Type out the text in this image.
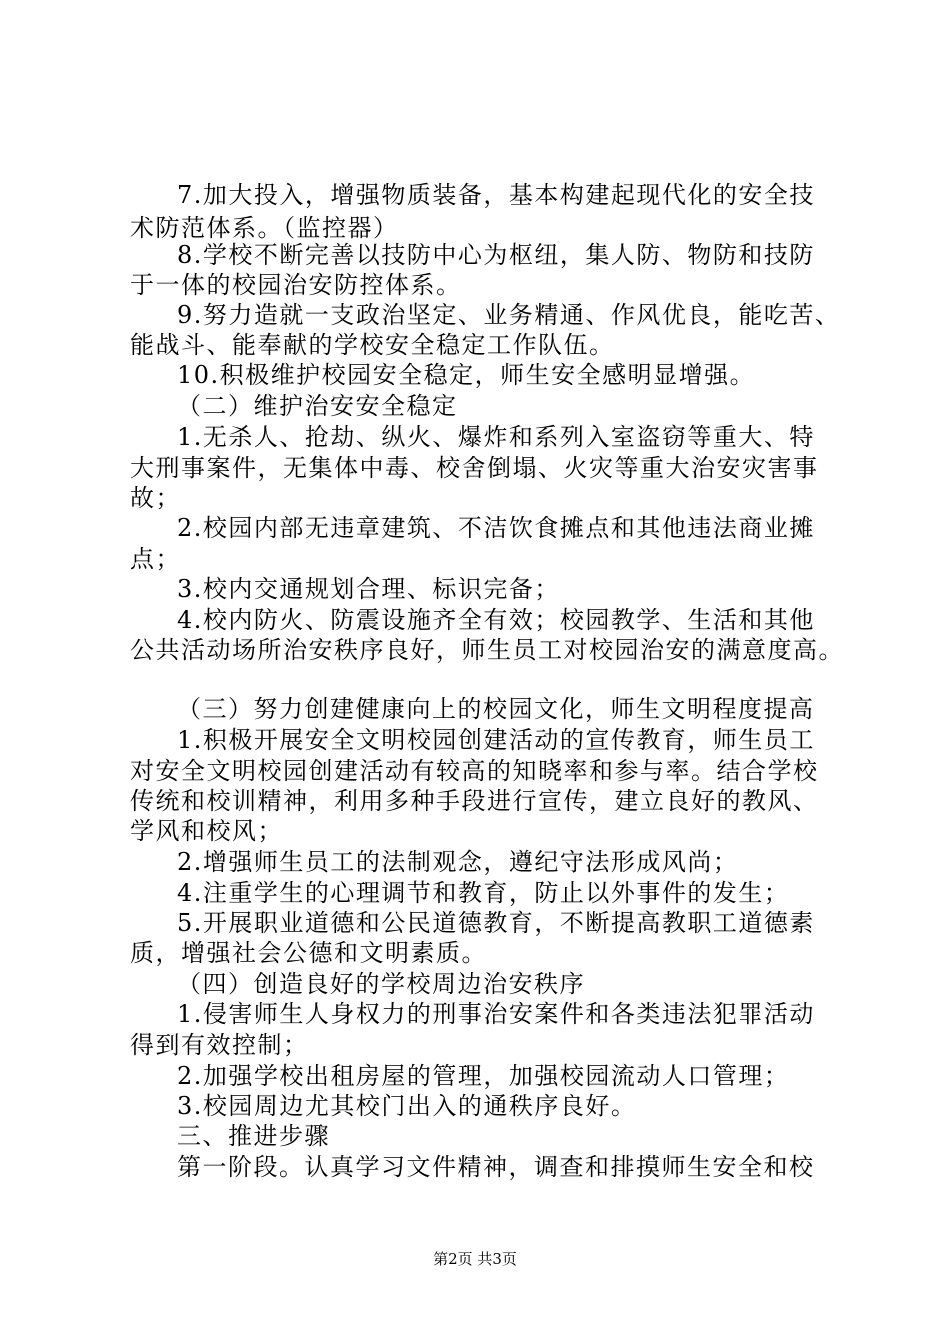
7.加大投入，增强物质装备，基本构建起现代化的安全技
术防范体系。（监控器）
8.学校不断完善以技防中心为枢纽，集人防、物防和技防
于一体的校园治安防控体系。
9.努力造就一支政治坚定、业务精通、作风优良，能吃苦、
能战斗、能奉献的学校安全稳定工作队伍。
10.积极维护校园安全稳定，师生安全感明显增强。
（二）维护治安安全稳定
1.无杀人、抢劫、纵火、爆炸和系列入室盗窃等重大、特
大刑事案件，无集体中毒、校舍倒塌、火灾等重大治安灾害事
故；
2.校园内部无违章建筑、不洁饮食摊点和其他违法商业摊
点；
3.校内交通规划合理、标识完备；
4.校内防火、防震设施齐全有效；校园教学、生活和其他
公共活动场所治安秩序良好，师生员工对校园治安的满意度高。
（三）努力创建健康向上的校园文化，师生文明程度提高
1.积极开展安全文明校园创建活动的宣传教育，师生员工
对安全文明校园创建活动有较高的知晓率和参与率。结合学校
传统和校训精神，利用多种手段进行宣传，建立良好的教风、
学风和校风；
2.增强师生员工的法制观念，遵纪守法形成风尚；
4.注重学生的心理调节和教育，防止以外事件的发生；
5.开展职业道德和公民道德教育，不断提高教职工道德素
质，增强社会公德和文明素质。
（四）创造良好的学校周边治安秩序
1.侵害师生人身权力的刑事治安案件和各类违法犯罪活动
得到有效控制；
2.加强学校出租房屋的管理，加强校园流动人口管理；
3.校园周边尤其校门出入的通秩序良好。
三、推进步骤
第一阶段。认真学习文件精神，调查和排摸师生安全和校
第2页 共3页
